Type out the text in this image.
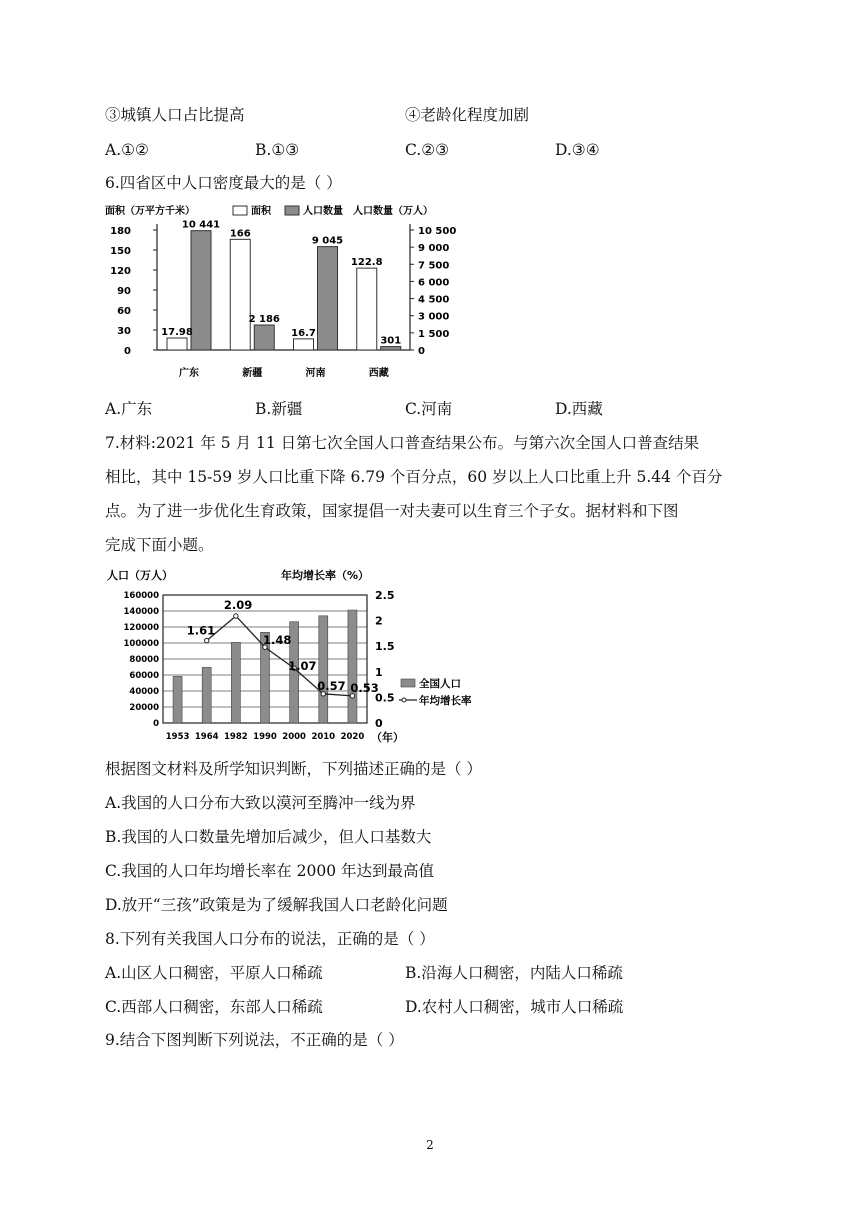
③城镇人口占比提高	④老龄化程度加剧
A.①②	B.①③	C.②③	D.③④
6.四省区中人口密度最大的是（ ）
面积（万平方千米）	面积	人口数量 人口数量（万人）
0
30
60
90
120
150
180
0
1 500
3 000
4 500
6 000
7 500
9 000
10 500
17.98
10 441
广东
166
2 186
新疆
16.7
9 045
河南
122.8
301
西藏
A.广东	B.新疆	C.河南	D.西藏
7.材料:2021 年 5 月 11 日第七次全国人口普查结果公布。与第六次全国人口普查结果
相比，其中 15-59 岁人口比重下降 6.79 个百分点，60 岁以上人口比重上升 5.44 个百分
点。为了进一步优化生育政策，国家提倡一对夫妻可以生育三个子女。据材料和下图
完成下面小题。
人口（万人）	年均增长率（%）
0
20000
40000
60000
80000
100000
120000
140000
160000
0
0.5
1
1.5
2
2.5
1953 1964 1982 1990 2000 2010 2020 （年）
1.61
2.09
1.48
1.07
0.57 0.53	全国人口
年均增长率
根据图文材料及所学知识判断，下列描述正确的是（ ）
A.我国的人口分布大致以漠河至腾冲一线为界
B.我国的人口数量先增加后减少，但人口基数大
C.我国的人口年均增长率在 2000 年达到最高值
D.放开“三孩”政策是为了缓解我国人口老龄化问题
8.下列有关我国人口分布的说法，正确的是（ ）
A.山区人口稠密，平原人口稀疏	B.沿海人口稠密，内陆人口稀疏
C.西部人口稠密，东部人口稀疏	D.农村人口稠密，城市人口稀疏
9.结合下图判断下列说法，不正确的是（ ）
2
